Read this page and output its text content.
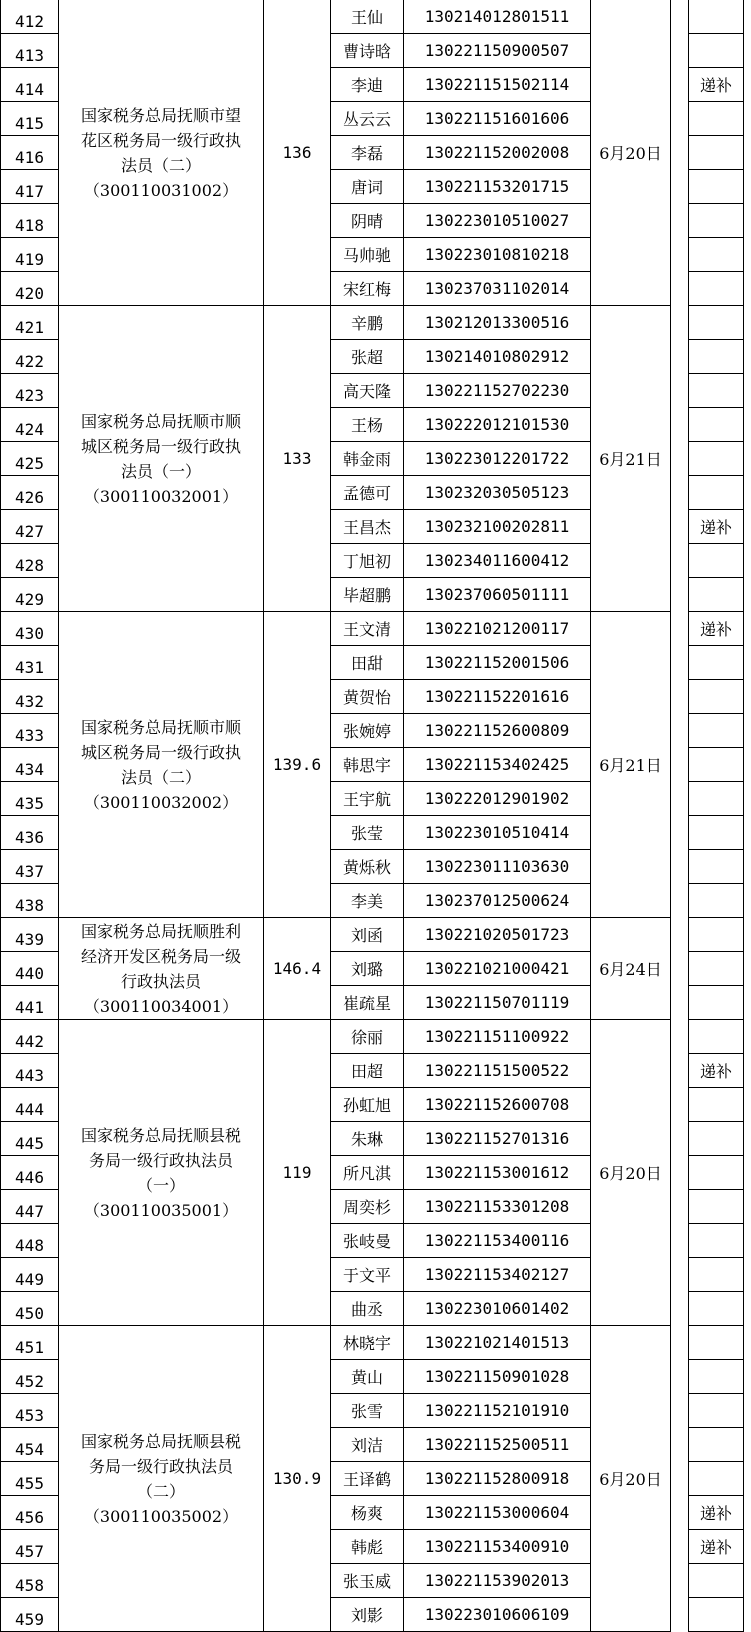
国家税务总局抚顺市望
花区税务局一级行政执
法员（二）
（300110031002）
136	6月20日
412	王仙	130214012801511
413	曹诗晗	130221150900507
414	李迪	130221151502114	递补
415	丛云云	130221151601606
416	李磊	130221152002008
417	唐词	130221153201715
418	阴晴	130223010510027
419	马帅驰	130223010810218
420	宋红梅	130237031102014
国家税务总局抚顺市顺
城区税务局一级行政执
法员（一）
（300110032001）
133	6月21日
421	辛鹏	130212013300516
422	张超	130214010802912
423	高天隆	130221152702230
424	王杨	130222012101530
425	韩金雨	130223012201722
426	孟德可	130232030505123
427	王昌杰	130232100202811	递补
428	丁旭初	130234011600412
429	毕超鹏	130237060501111
国家税务总局抚顺市顺
城区税务局一级行政执
法员（二）
（300110032002）
139.6	6月21日
430	王文清	130221021200117	递补
431	田甜	130221152001506
432	黄贺怡	130221152201616
433	张婉婷	130221152600809
434	韩思宇	130221153402425
435	王宇航	130222012901902
436	张莹	130223010510414
437	黄烁秋	130223011103630
438	李美	130237012500624
国家税务总局抚顺胜利
经济开发区税务局一级
行政执法员
（300110034001）
146.4	6月24日
439	刘函	130221020501723
440	刘璐	130221021000421
441	崔疏星	130221150701119
国家税务总局抚顺县税
务局一级行政执法员
（一）
（300110035001）
119	6月20日
442	徐丽	130221151100922
443	田超	130221151500522	递补
444	孙虹旭	130221152600708
445	朱琳	130221152701316
446	所凡淇	130221153001612
447	周奕杉	130221153301208
448	张岐曼	130221153400116
449	于文平	130221153402127
450	曲丞	130223010601402
国家税务总局抚顺县税
务局一级行政执法员
（二）
（300110035002）
130.9	6月20日
451	林晓宇	130221021401513
452	黄山	130221150901028
453	张雪	130221152101910
454	刘洁	130221152500511
455	王译鹤	130221152800918
456	杨爽	130221153000604	递补
457	韩彪	130221153400910	递补
458	张玉威	130221153902013
459	刘影	130223010606109
